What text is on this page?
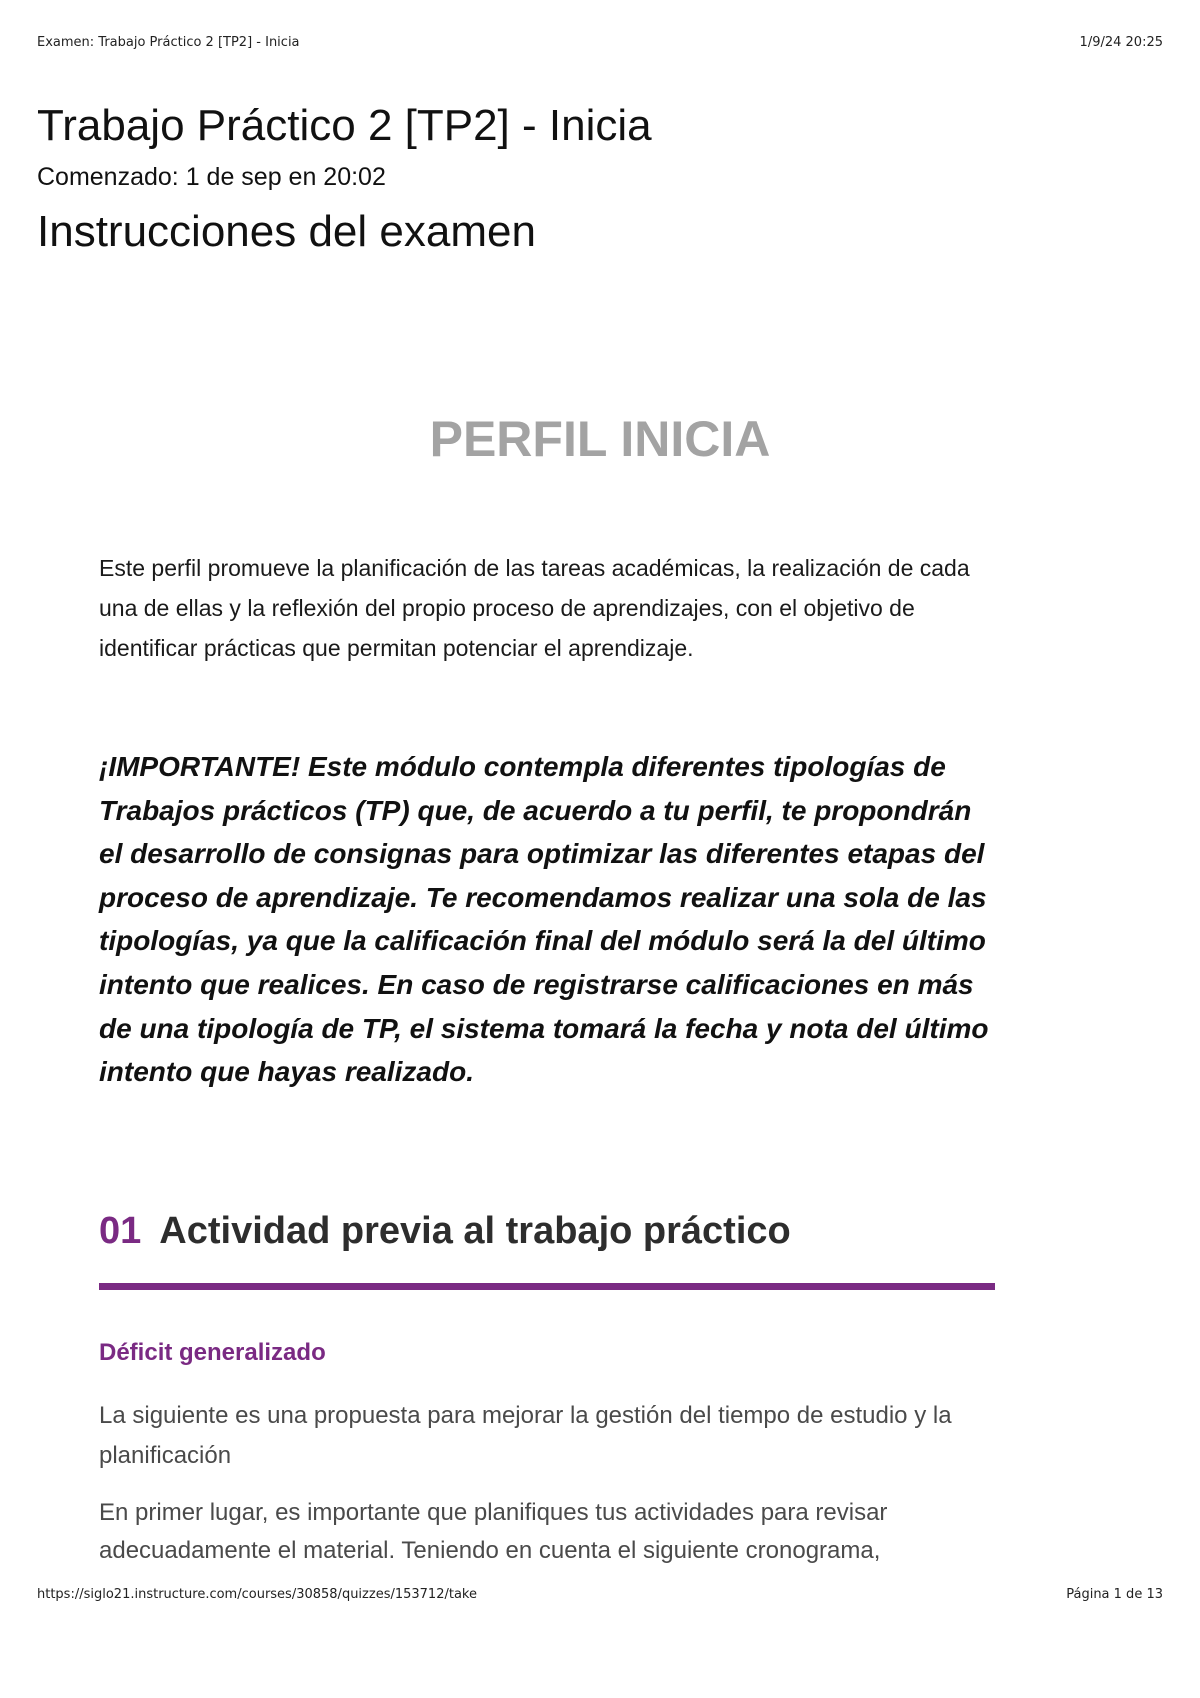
Examen: Trabajo Práctico 2 [TP2] - Inicia	1/9/24 20:25
Trabajo Práctico 2 [TP2] - Inicia
Comenzado: 1 de sep en 20:02
Instrucciones del examen
PERFIL INICIA

Este perfil promueve la planificación de las tareas académicas, la realización de cada una de ellas y la reflexión del propio proceso de aprendizajes, con el objetivo de identificar prácticas que permitan potenciar el aprendizaje.

¡IMPORTANTE! Este módulo contempla diferentes tipologías de Trabajos prácticos (TP) que, de acuerdo a tu perfil, te propondrán el desarrollo de consignas para optimizar las diferentes etapas del proceso de aprendizaje. Te recomendamos realizar una sola de las tipologías, ya que la calificación final del módulo será la del último intento que realices. En caso de registrarse calificaciones en más de una tipología de TP, el sistema tomará la fecha y nota del último intento que hayas realizado.

01 Actividad previa al trabajo práctico
Déficit generalizado

La siguiente es una propuesta para mejorar la gestión del tiempo de estudio y la planificación

En primer lugar, es importante que planifiques tus actividades para revisar adecuadamente el material. Teniendo en cuenta el siguiente cronograma,

https://siglo21.instructure.com/courses/30858/quizzes/153712/take	Página 1 de 13
